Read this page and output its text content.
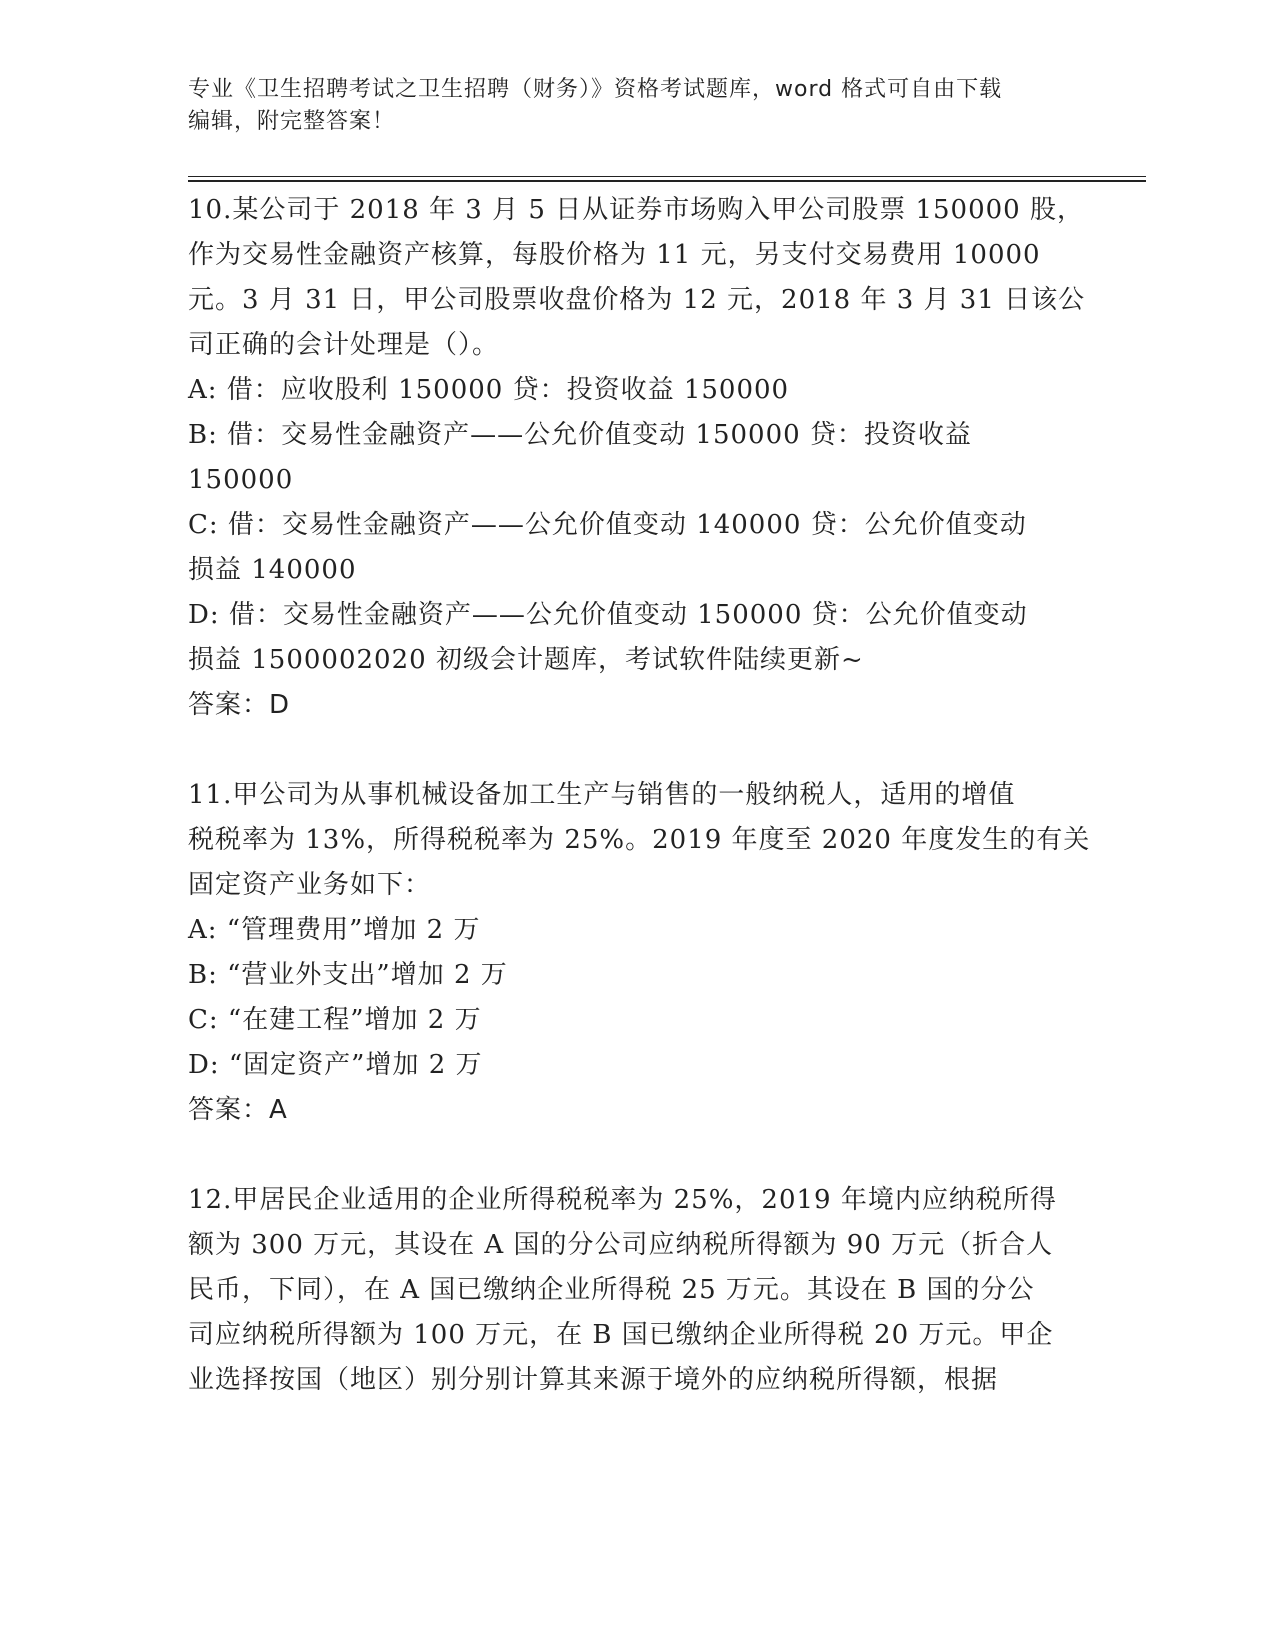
专业《卫生招聘考试之卫生招聘（财务）》资格考试题库，word 格式可自由下载
编辑，附完整答案！
10.某公司于 2018 年 3 月 5 日从证券市场购入甲公司股票 150000 股，
作为交易性金融资产核算，每股价格为 11 元，另支付交易费用 10000
元。3 月 31 日，甲公司股票收盘价格为 12 元，2018 年 3 月 31 日该公
司正确的会计处理是（）。
A: 借：应收股利 150000 贷：投资收益 150000
B: 借：交易性金融资产——公允价值变动 150000 贷：投资收益
150000
C: 借：交易性金融资产——公允价值变动 140000 贷：公允价值变动
损益 140000
D: 借：交易性金融资产——公允价值变动 150000 贷：公允价值变动
损益 1500002020 初级会计题库，考试软件陆续更新~
答案：D
11.甲公司为从事机械设备加工生产与销售的一般纳税人，适用的增值
税税率为 13%，所得税税率为 25%。2019 年度至 2020 年度发生的有关
固定资产业务如下：
A: “管理费用”增加 2 万
B: “营业外支出”增加 2 万
C: “在建工程”增加 2 万
D: “固定资产”增加 2 万
答案：A
12.甲居民企业适用的企业所得税税率为 25%，2019 年境内应纳税所得
额为 300 万元，其设在 A 国的分公司应纳税所得额为 90 万元（折合人
民币，下同），在 A 国已缴纳企业所得税 25 万元。其设在 B 国的分公
司应纳税所得额为 100 万元，在 B 国已缴纳企业所得税 20 万元。甲企
业选择按国（地区）别分别计算其来源于境外的应纳税所得额，根据
